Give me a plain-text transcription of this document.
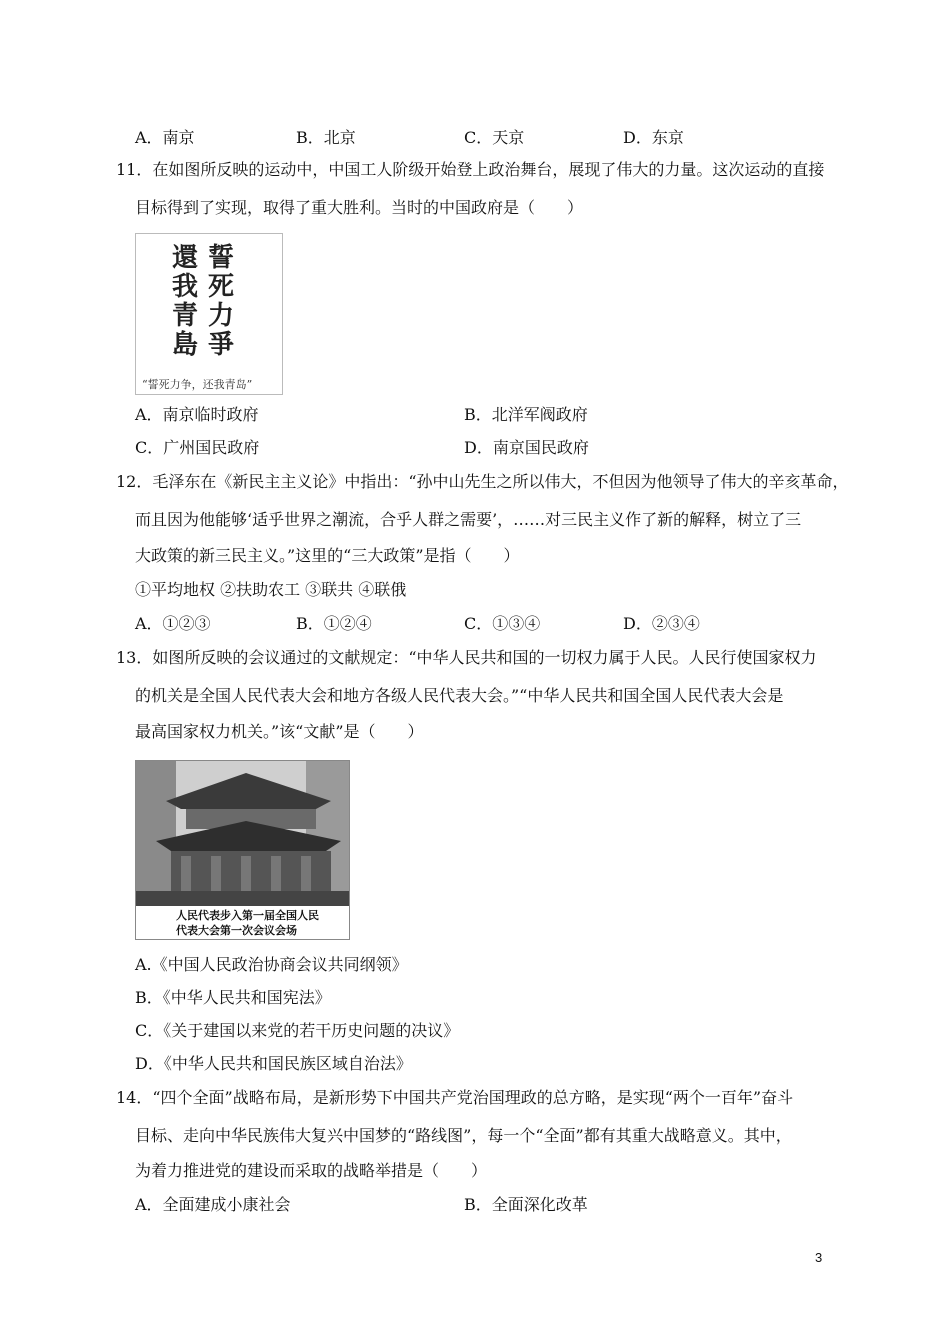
A．南京	B．北京	C．天京	D．东京
11．在如图所反映的运动中，中国工人阶级开始登上政治舞台，展现了伟大的力量。这次运动的直接
目标得到了实现，取得了重大胜利。当时的中国政府是（　　）
誓死力爭
還我青島
“誓死力争，还我青岛”
A．南京临时政府	B．北洋军阀政府
C．广州国民政府	D．南京国民政府
12．毛泽东在《新民主主义论》中指出：“孙中山先生之所以伟大，不但因为他领导了伟大的辛亥革命，
而且因为他能够‘适乎世界之潮流，合乎人群之需要’，……对三民主义作了新的解释，树立了三
大政策的新三民主义。”这里的“三大政策”是指（　　）
①平均地权 ②扶助农工 ③联共 ④联俄
A．①②③	B．①②④	C．①③④	D．②③④
13．如图所反映的会议通过的文献规定：“中华人民共和国的一切权力属于人民。人民行使国家权力
的机关是全国人民代表大会和地方各级人民代表大会。”“中华人民共和国全国人民代表大会是
最高国家权力机关。”该“文献”是（　　）
人民代表步入第一届全国人民
代表大会第一次会议会场
A.《中国人民政治协商会议共同纲领》
B．《中华人民共和国宪法》
C．《关于建国以来党的若干历史问题的决议》
D．《中华人民共和国民族区域自治法》
14．“四个全面”战略布局，是新形势下中国共产党治国理政的总方略，是实现“两个一百年”奋斗
目标、走向中华民族伟大复兴中国梦的“路线图”，每一个“全面”都有其重大战略意义。其中，
为着力推进党的建设而采取的战略举措是（　　）
A．全面建成小康社会	B．全面深化改革
3
